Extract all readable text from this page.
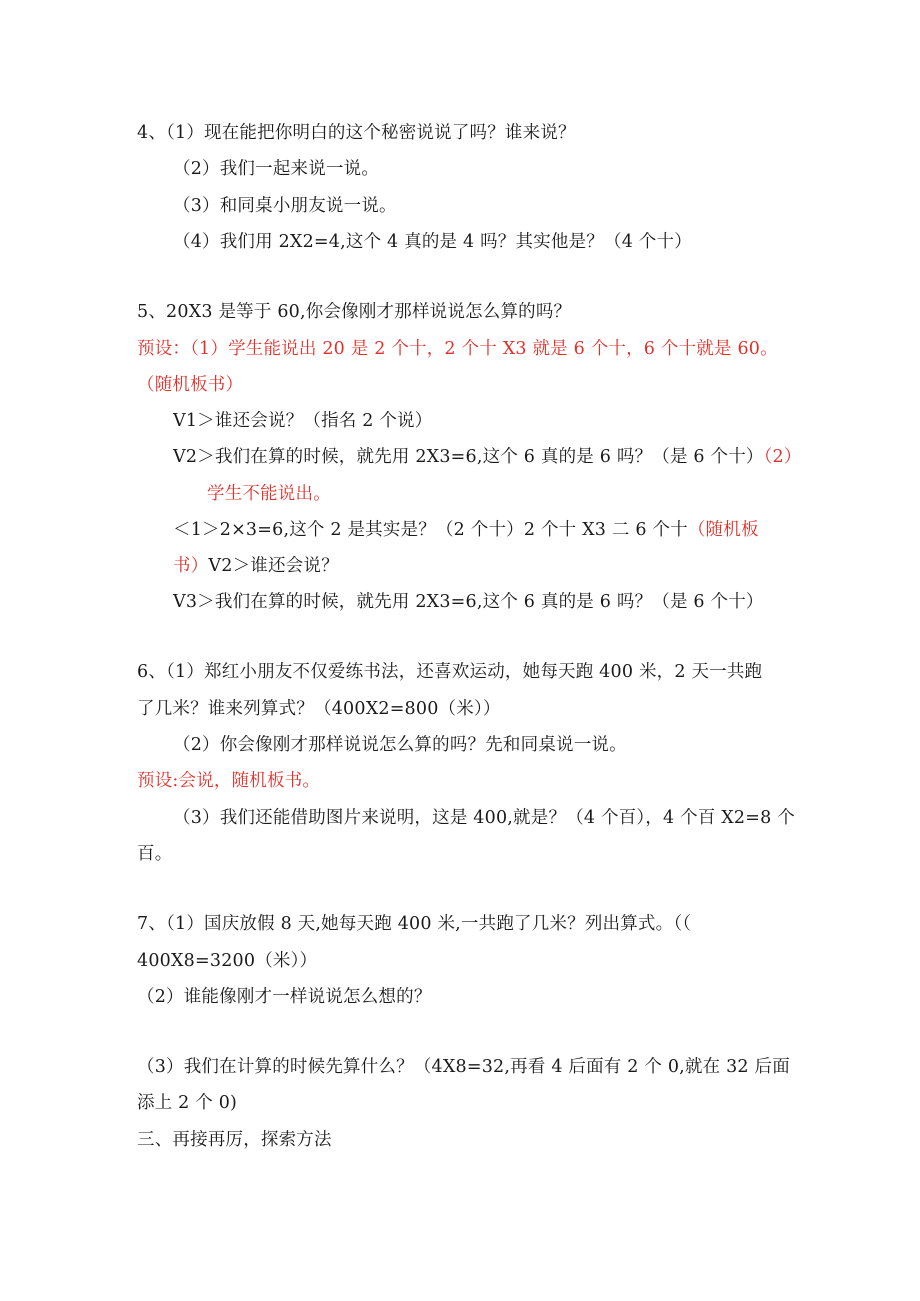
4、（1）现在能把你明白的这个秘密说说了吗？谁来说？
（2）我们一起来说一说。
（3）和同桌小朋友说一说。
（4）我们用 2X2=4,这个 4 真的是 4 吗？其实他是？（4 个十）
5、20X3 是等于 60,你会像刚才那样说说怎么算的吗？
预设：（1）学生能说出 20 是 2 个十，2 个十 X3 就是 6 个十，6 个十就是 60。
（随机板书）
V1＞谁还会说？（指名 2 个说）
V2＞我们在算的时候，就先用 2X3=6,这个 6 真的是 6 吗？（是 6 个十）（2）
学生不能说出。
＜1＞2×3=6,这个 2 是其实是？（2 个十）2 个十 X3 二 6 个十（随机板
书）V2＞谁还会说？
V3＞我们在算的时候，就先用 2X3=6,这个 6 真的是 6 吗？（是 6 个十）
6、（1）郑红小朋友不仅爱练书法，还喜欢运动，她每天跑 400 米，2 天一共跑
了几米？谁来列算式？（400X2=800（米））
（2）你会像刚才那样说说怎么算的吗？先和同桌说一说。
预设:会说，随机板书。
（3）我们还能借助图片来说明，这是 400,就是？（4 个百），4 个百 X2=8 个
百。
7、（1）国庆放假 8 天,她每天跑 400 米,一共跑了几米？列出算式。（（
400X8=3200（米））
（2）谁能像刚才一样说说怎么想的？
（3）我们在计算的时候先算什么？（4X8=32,再看 4 后面有 2 个 0,就在 32 后面
添上 2 个 0)
三、再接再厉，探索方法
